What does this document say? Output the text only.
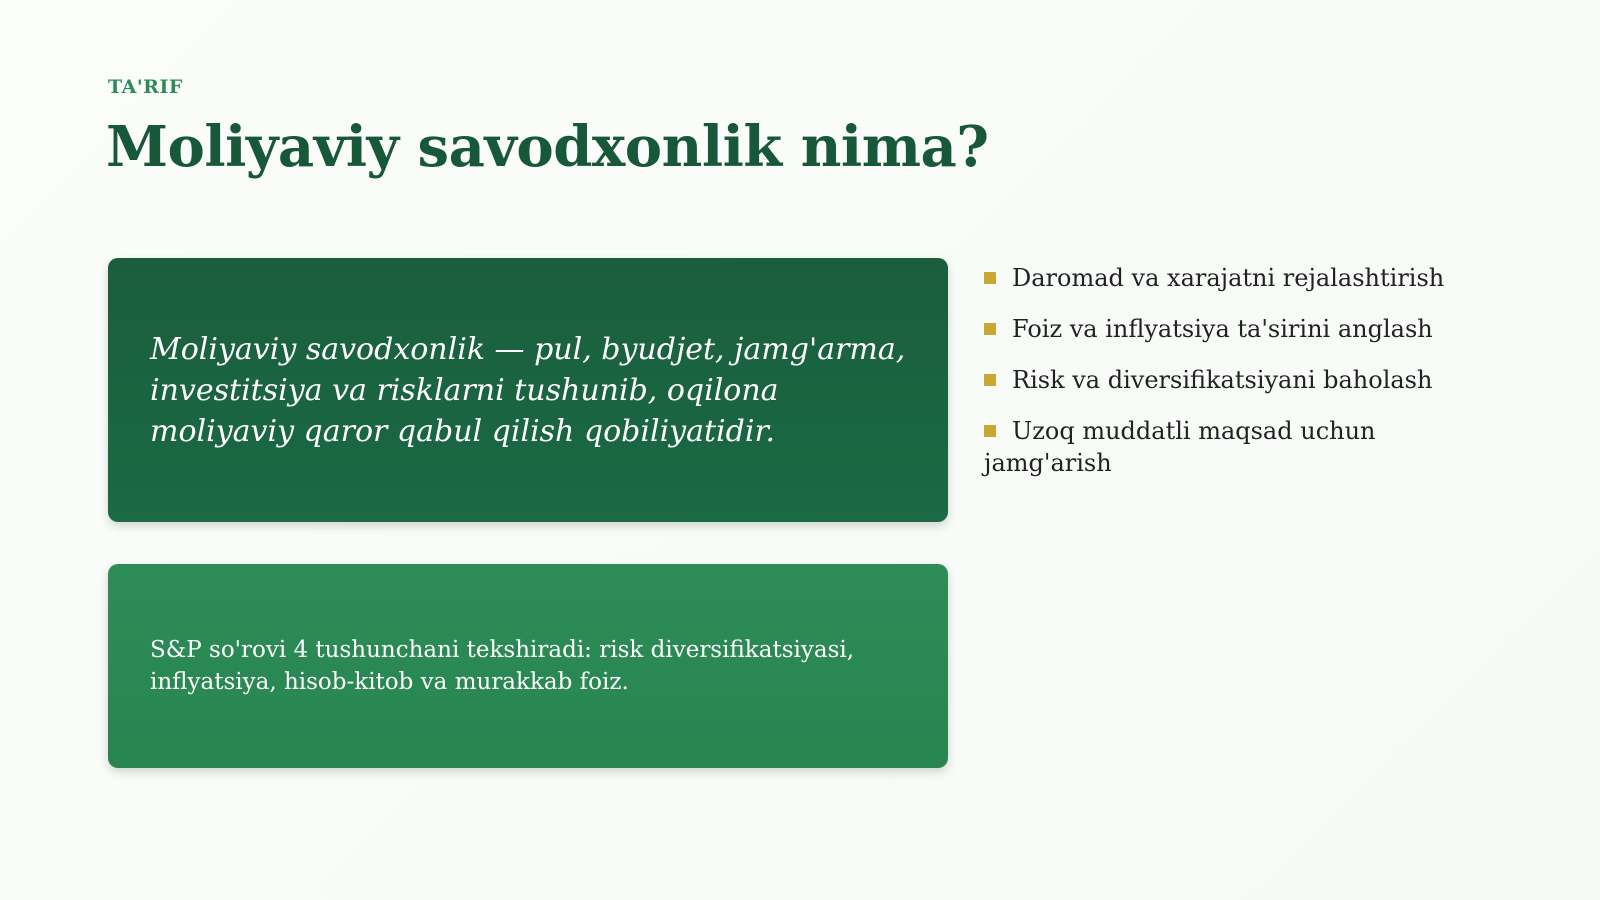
TA'RIF
Moliyaviy savodxonlik nima?
Moliyaviy savodxonlik — pul, byudjet, jamg'arma, investitsiya va risklarni tushunib, oqilona moliyaviy qaror qabul qilish qobiliyatidir.
S&P so'rovi 4 tushunchani tekshiradi: risk diversifikatsiyasi, inflyatsiya, hisob-kitob va murakkab foiz.
Daromad va xarajatni rejalashtirish
Foiz va inflyatsiya ta'sirini anglash
Risk va diversifikatsiyani baholash
Uzoq muddatli maqsad uchun jamg'arish
